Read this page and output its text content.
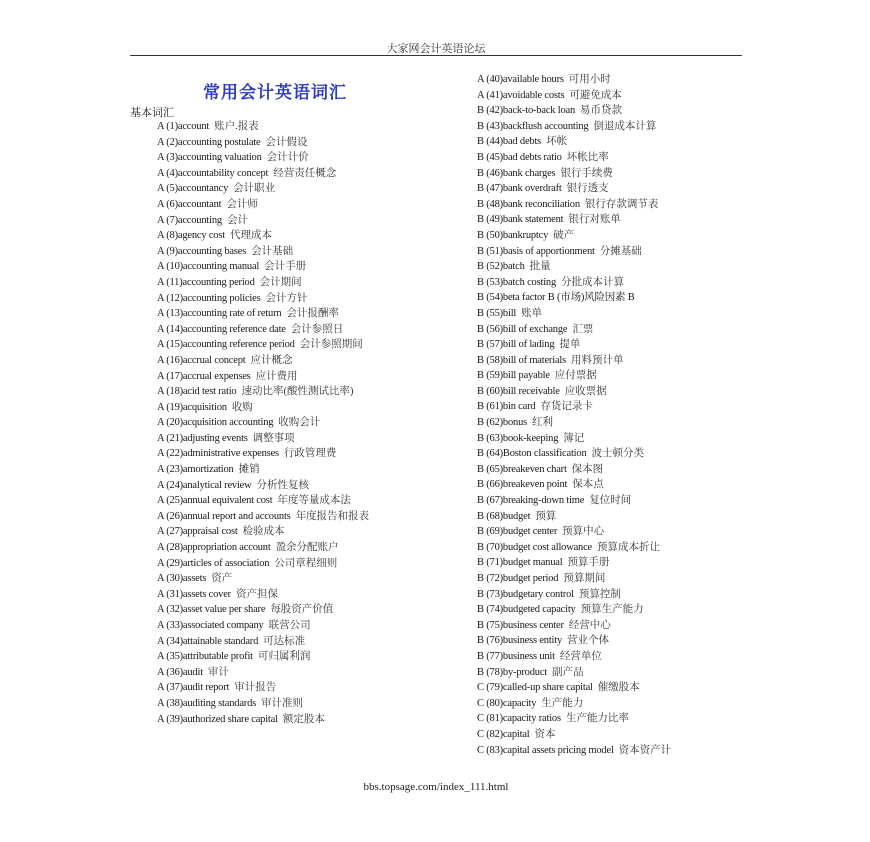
大家网会计英语论坛
常用会计英语词汇
基本词汇
A (1)account 账户.报表
A (2)accounting postulate 会计假设
A (3)accounting valuation 会计计价
A (4)accountability concept 经营责任概念
A (5)accountancy 会计职业
A (6)accountant 会计师
A (7)accounting 会计
A (8)agency cost 代理成本
A (9)accounting bases 会计基础
A (10)accounting manual 会计手册
A (11)accounting period 会计期间
A (12)accounting policies 会计方针
A (13)accounting rate of return 会计报酬率
A (14)accounting reference date 会计参照日
A (15)accounting reference period 会计参照期间
A (16)accrual concept 应计概念
A (17)accrual expenses 应计费用
A (18)acid test ratio 速动比率(酸性测试比率)
A (19)acquisition 收购
A (20)acquisition accounting 收购会计
A (21)adjusting events 调整事项
A (22)administrative expenses 行政管理费
A (23)amortization 摊销
A (24)analytical review 分析性复核
A (25)annual equivalent cost 年度等量成本法
A (26)annual report and accounts 年度报告和报表
A (27)appraisal cost 检验成本
A (28)appropriation account 盈余分配账户
A (29)articles of association 公司章程细则
A (30)assets 资产
A (31)assets cover 资产担保
A (32)asset value per share 每股资产价值
A (33)associated company 联营公司
A (34)attainable standard 可达标准
A (35)attributable profit 可归属利润
A (36)audit 审计
A (37)audit report 审计报告
A (38)auditing standards 审计准则
A (39)authorized share capital 额定股本
A (40)available hours 可用小时
A (41)avoidable costs 可避免成本
B (42)back-to-back loan 易币贷款
B (43)backflush accounting 倒退成本计算
B (44)bad debts 坏帐
B (45)bad debts ratio 坏帐比率
B (46)bank charges 银行手续费
B (47)bank overdraft 银行透支
B (48)bank reconciliation 银行存款调节表
B (49)bank statement 银行对账单
B (50)bankruptcy 破产
B (51)basis of apportionment 分摊基础
B (52)batch 批量
B (53)batch costing 分批成本计算
B (54)beta factor B (市场)风险因素 B
B (55)bill 账单
B (56)bill of exchange 汇票
B (57)bill of lading 提单
B (58)bill of materials 用料预计单
B (59)bill payable 应付票据
B (60)bill receivable 应收票据
B (61)bin card 存货记录卡
B (62)bonus 红利
B (63)book-keeping 簿记
B (64)Boston classification 波士顿分类
B (65)breakeven chart 保本图
B (66)breakeven point 保本点
B (67)breaking-down time 复位时间
B (68)budget 预算
B (69)budget center 预算中心
B (70)budget cost allowance 预算成本折让
B (71)budget manual 预算手册
B (72)budget period 预算期间
B (73)budgetary control 预算控制
B (74)budgeted capacity 预算生产能力
B (75)business center 经营中心
B (76)business entity 营业个体
B (77)business unit 经营单位
B (78)by-product 副产品
C (79)called-up share capital 催缴股本
C (80)capacity 生产能力
C (81)capacity ratios 生产能力比率
C (82)capital 资本
C (83)capital assets pricing model 资本资产计
bbs.topsage.com/index_111.html
